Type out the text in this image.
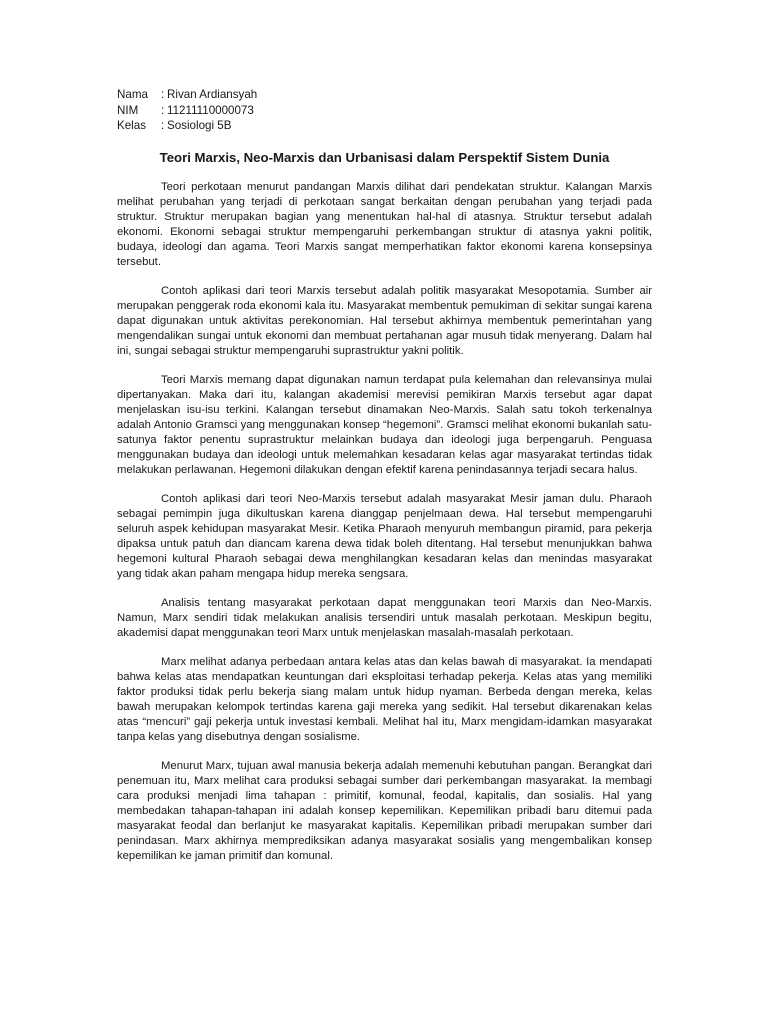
Nama	: Rivan Ardiansyah
NIM	: 11211110000073
Kelas	: Sosiologi 5B
Teori Marxis, Neo-Marxis dan Urbanisasi dalam Perspektif Sistem Dunia

Teori perkotaan menurut pandangan Marxis dilihat dari pendekatan struktur. Kalangan Marxis melihat perubahan yang terjadi di perkotaan sangat berkaitan dengan perubahan yang terjadi pada struktur. Struktur merupakan bagian yang menentukan hal-hal di atasnya. Struktur tersebut adalah ekonomi. Ekonomi sebagai struktur mempengaruhi perkembangan struktur di atasnya yakni politik, budaya, ideologi dan agama. Teori Marxis sangat memperhatikan faktor ekonomi karena konsepsinya tersebut.

Contoh aplikasi dari teori Marxis tersebut adalah politik masyarakat Mesopotamia. Sumber air merupakan penggerak roda ekonomi kala itu. Masyarakat membentuk pemukiman di sekitar sungai karena dapat digunakan untuk aktivitas perekonomian. Hal tersebut akhirnya membentuk pemerintahan yang mengendalikan sungai untuk ekonomi dan membuat pertahanan agar musuh tidak menyerang. Dalam hal ini, sungai sebagai struktur mempengaruhi suprastruktur yakni politik.

Teori Marxis memang dapat digunakan namun terdapat pula kelemahan dan relevansinya mulai dipertanyakan. Maka dari itu, kalangan akademisi merevisi pemikiran Marxis tersebut agar dapat menjelaskan isu-isu terkini. Kalangan tersebut dinamakan Neo-Marxis. Salah satu tokoh terkenalnya adalah Antonio Gramsci yang menggunakan konsep “hegemoni”. Gramsci melihat ekonomi bukanlah satu-satunya faktor penentu suprastruktur melainkan budaya dan ideologi juga berpengaruh. Penguasa menggunakan budaya dan ideologi untuk melemahkan kesadaran kelas agar masyarakat tertindas tidak melakukan perlawanan. Hegemoni dilakukan dengan efektif karena penindasannya terjadi secara halus.

Contoh aplikasi dari teori Neo-Marxis tersebut adalah masyarakat Mesir jaman dulu. Pharaoh sebagai pemimpin juga dikultuskan karena dianggap penjelmaan dewa. Hal tersebut mempengaruhi seluruh aspek kehidupan masyarakat Mesir. Ketika Pharaoh menyuruh membangun piramid, para pekerja dipaksa untuk patuh dan diancam karena dewa tidak boleh ditentang. Hal tersebut menunjukkan bahwa hegemoni kultural Pharaoh sebagai dewa menghilangkan kesadaran kelas dan menindas masyarakat yang tidak akan paham mengapa hidup mereka sengsara.

Analisis tentang masyarakat perkotaan dapat menggunakan teori Marxis dan Neo-Marxis. Namun, Marx sendiri tidak melakukan analisis tersendiri untuk masalah perkotaan. Meskipun begitu, akademisi dapat menggunakan teori Marx untuk menjelaskan masalah-masalah perkotaan.

Marx melihat adanya perbedaan antara kelas atas dan kelas bawah di masyarakat. Ia mendapati bahwa kelas atas mendapatkan keuntungan dari eksploitasi terhadap pekerja. Kelas atas yang memiliki faktor produksi tidak perlu bekerja siang malam untuk hidup nyaman. Berbeda dengan mereka, kelas bawah merupakan kelompok tertindas karena gaji mereka yang sedikit. Hal tersebut dikarenakan kelas atas “mencuri” gaji pekerja untuk investasi kembali. Melihat hal itu, Marx mengidam-idamkan masyarakat tanpa kelas yang disebutnya dengan sosialisme.

Menurut Marx, tujuan awal manusia bekerja adalah memenuhi kebutuhan pangan. Berangkat dari penemuan itu, Marx melihat cara produksi sebagai sumber dari perkembangan masyarakat. Ia membagi cara produksi menjadi lima tahapan : primitif, komunal, feodal, kapitalis, dan sosialis. Hal yang membedakan tahapan-tahapan ini adalah konsep kepemilikan. Kepemilikan pribadi baru ditemui pada masyarakat feodal dan berlanjut ke masyarakat kapitalis. Kepemilikan pribadi merupakan sumber dari penindasan. Marx akhirnya memprediksikan adanya masyarakat sosialis yang mengembalikan konsep kepemilikan ke jaman primitif dan komunal.
